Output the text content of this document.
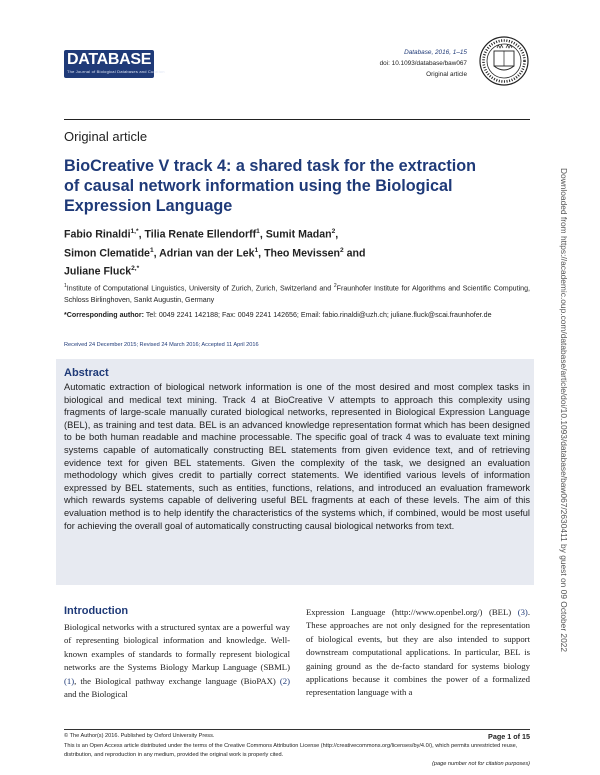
DATABASE
The Journal of Biological Databases and Curation
Database, 2016, 1–15
doi: 10.1093/database/baw067
Original article
Original article
BioCreative V track 4: a shared task for the extraction of causal network information using the Biological Expression Language
Fabio Rinaldi$^{1,*}$, Tilia Renate Ellendorff$^1$, Sumit Madan$^2$,
Simon Clematide$^1$, Adrian van der Lek$^1$, Theo Mevissen$^2$ and
Juliane Fluck$^{2,*}$
$^1$Institute of Computational Linguistics, University of Zurich, Zurich, Switzerland and $^2$Fraunhofer Institute for Algorithms and Scientific Computing, Schloss Birlinghoven, Sankt Augustin, Germany
*Corresponding author: Tel: 0049 2241 142188; Fax: 0049 2241 142656; Email: fabio.rinaldi@uzh.ch; juliane.fluck@scai.fraunhofer.de
Received 24 December 2015; Revised 24 March 2016; Accepted 11 April 2016
Abstract
Automatic extraction of biological network information is one of the most desired and most complex tasks in biological and medical text mining. Track 4 at BioCreative V attempts to approach this complexity using fragments of large-scale manually curated biological networks, represented in Biological Expression Language (BEL), as training and test data. BEL is an advanced knowledge representation format which has been designed to be both human readable and machine processable. The specific goal of track 4 was to evaluate text mining systems capable of automatically constructing BEL statements from given evidence text, and of retrieving evidence text for given BEL statements. Given the complexity of the task, we designed an evaluation methodology which gives credit to partially correct statements. We identified various levels of information expressed by BEL statements, such as entities, functions, relations, and introduced an evaluation framework which rewards systems capable of delivering useful BEL fragments at each of these levels. The aim of this evaluation method is to help identify the characteristics of the systems which, if combined, would be most useful for achieving the overall goal of automatically constructing causal biological networks from text.
Introduction
Biological networks with a structured syntax are a powerful way of representing biological information and knowledge. Well-known examples of standards to formally represent biological networks are the Systems Biology Markup Language (SBML) (1), the Biological pathway exchange language (BioPAX) (2) and the Biological
Expression Language (http://www.openbel.org/) (BEL) (3). These approaches are not only designed for the representation of biological events, but they are also intended to support downstream computational applications. In particular, BEL is gaining ground as the de-facto standard for systems biology applications because it combines the power of a formalized representation language with a
© The Author(s) 2016. Published by Oxford University Press.	Page 1 of 15
This is an Open Access article distributed under the terms of the Creative Commons Attribution License (http://creativecommons.org/licenses/by/4.0/), which permits unrestricted reuse, distribution, and reproduction in any medium, provided the original work is properly cited.
(page number not for citation purposes)
Downloaded from https://academic.oup.com/database/article/doi/10.1093/database/baw067/2630411 by guest on 09 October 2022
